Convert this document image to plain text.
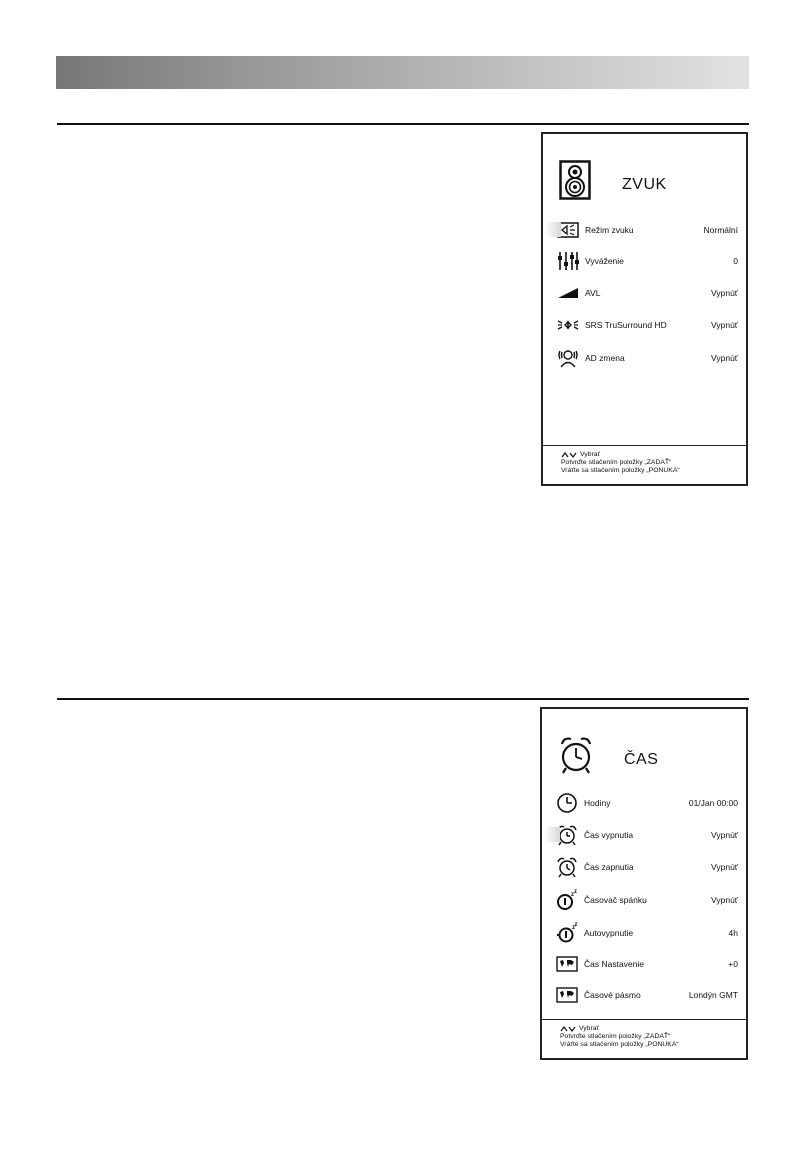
ZVUK
Režim zvuku	Normální
Vyváženie	0
AVL	Vypnúť
SRS TruSurround HD	Vypnúť
AD zmena	Vypnúť
Vybrať
Potvrďte stlačením položky „ZADAŤ“
Vráťte sa stlačením položky „PONUKA“
ČAS
Hodiny	01/Jan 00:00
Čas vypnutia	Vypnúť
Čas zapnutia	Vypnúť
z z
Časovač spánku	Vypnúť
z z
Autovypnutie	4h
Čas Nastavenie	+0
Časové pásmo	Londýn GMT
Vybrať
Potvrďte stlačením položky „ZADAŤ“
Vráťte sa stlačením položky „PONUKA“
